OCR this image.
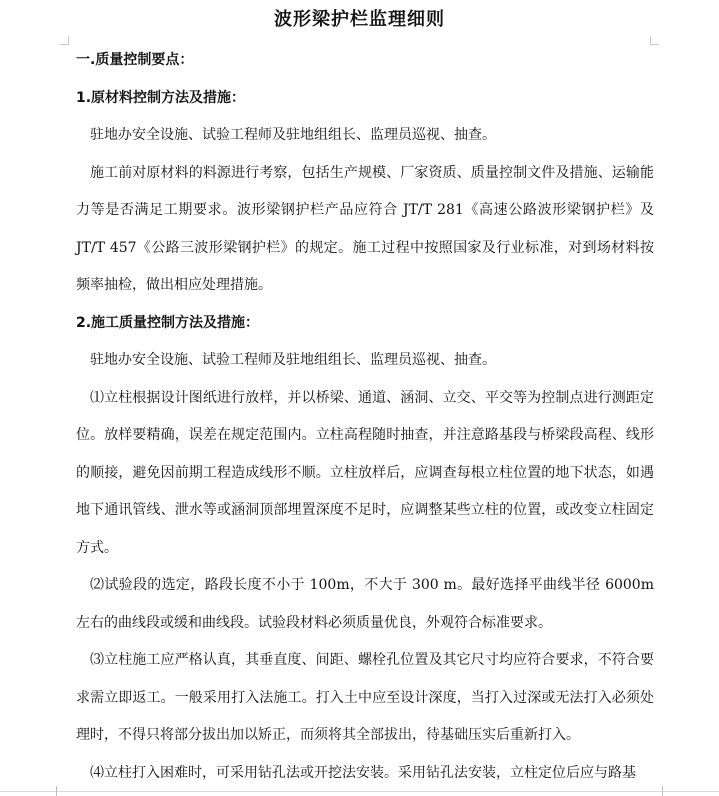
波形梁护栏监理细则

一.质量控制要点：

1.原材料控制方法及措施：

驻地办安全设施、试验工程师及驻地组组长、监理员巡视、抽查。

施工前对原材料的料源进行考察，包括生产规模、厂家资质、质量控制文件及措施、运输能力等是否满足工期要求。波形梁钢护栏产品应符合 JT/T 281《高速公路波形梁钢护栏》及 JT/T 457《公路三波形梁钢护栏》的规定。施工过程中按照国家及行业标准，对到场材料按频率抽检，做出相应处理措施。

2.施工质量控制方法及措施：

驻地办安全设施、试验工程师及驻地组组长、监理员巡视、抽查。

⑴立柱根据设计图纸进行放样，并以桥梁、通道、涵洞、立交、平交等为控制点进行测距定位。放样要精确，误差在规定范围内。立柱高程随时抽查，并注意路基段与桥梁段高程、线形的顺接，避免因前期工程造成线形不顺。立柱放样后，应调查每根立柱位置的地下状态，如遇地下通讯管线、泄水等或涵洞顶部埋置深度不足时，应调整某些立柱的位置，或改变立柱固定方式。

⑵试验段的选定，路段长度不小于 100m，不大于 300 m。最好选择平曲线半径 6000m 左右的曲线段或缓和曲线段。试验段材料必须质量优良，外观符合标准要求。

⑶立柱施工应严格认真，其垂直度、间距、螺栓孔位置及其它尺寸均应符合要求，不符合要求需立即返工。一般采用打入法施工。打入土中应至设计深度，当打入过深或无法打入必须处理时，不得只将部分拔出加以矫正，而须将其全部拔出，待基础压实后重新打入。

⑷立柱打入困难时，可采用钻孔法或开挖法安装。采用钻孔法安装，立柱定位后应与路基
